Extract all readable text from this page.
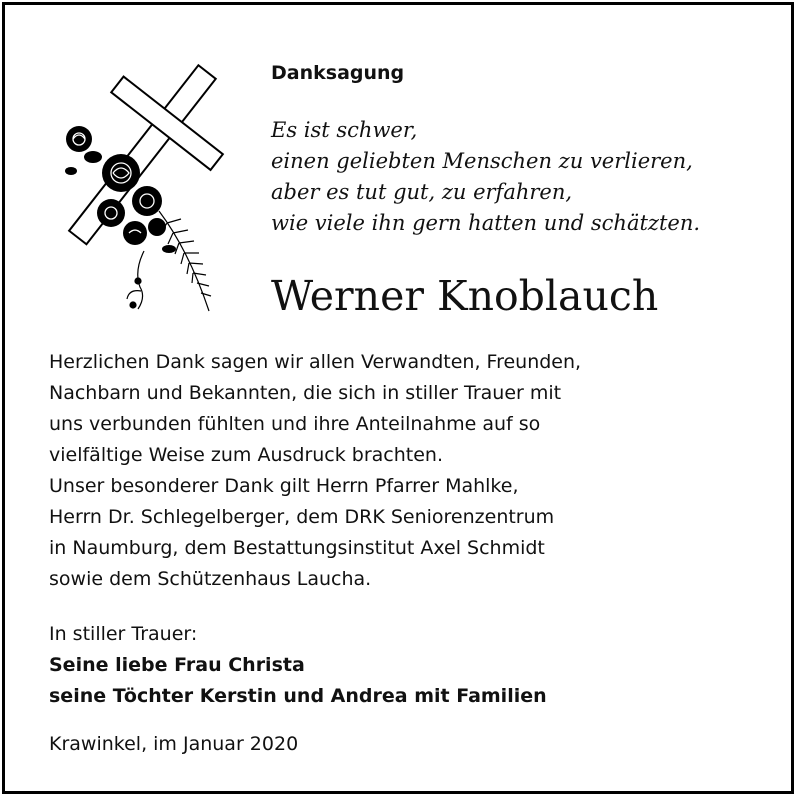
Danksagung
Es ist schwer,
einen geliebten Menschen zu verlieren,
aber es tut gut, zu erfahren,
wie viele ihn gern hatten und schätzten.
Werner Knoblauch
Herzlichen Dank sagen wir allen Verwandten, Freunden,
Nachbarn und Bekannten, die sich in stiller Trauer mit
uns verbunden fühlten und ihre Anteilnahme auf so
vielfältige Weise zum Ausdruck brachten.
Unser besonderer Dank gilt Herrn Pfarrer Mahlke,
Herrn Dr. Schlegelberger, dem DRK Seniorenzentrum
in Naumburg, dem Bestattungsinstitut Axel Schmidt
sowie dem Schützenhaus Laucha.
In stiller Trauer:
Seine liebe Frau Christa
seine Töchter Kerstin und Andrea mit Familien
Krawinkel, im Januar 2020
